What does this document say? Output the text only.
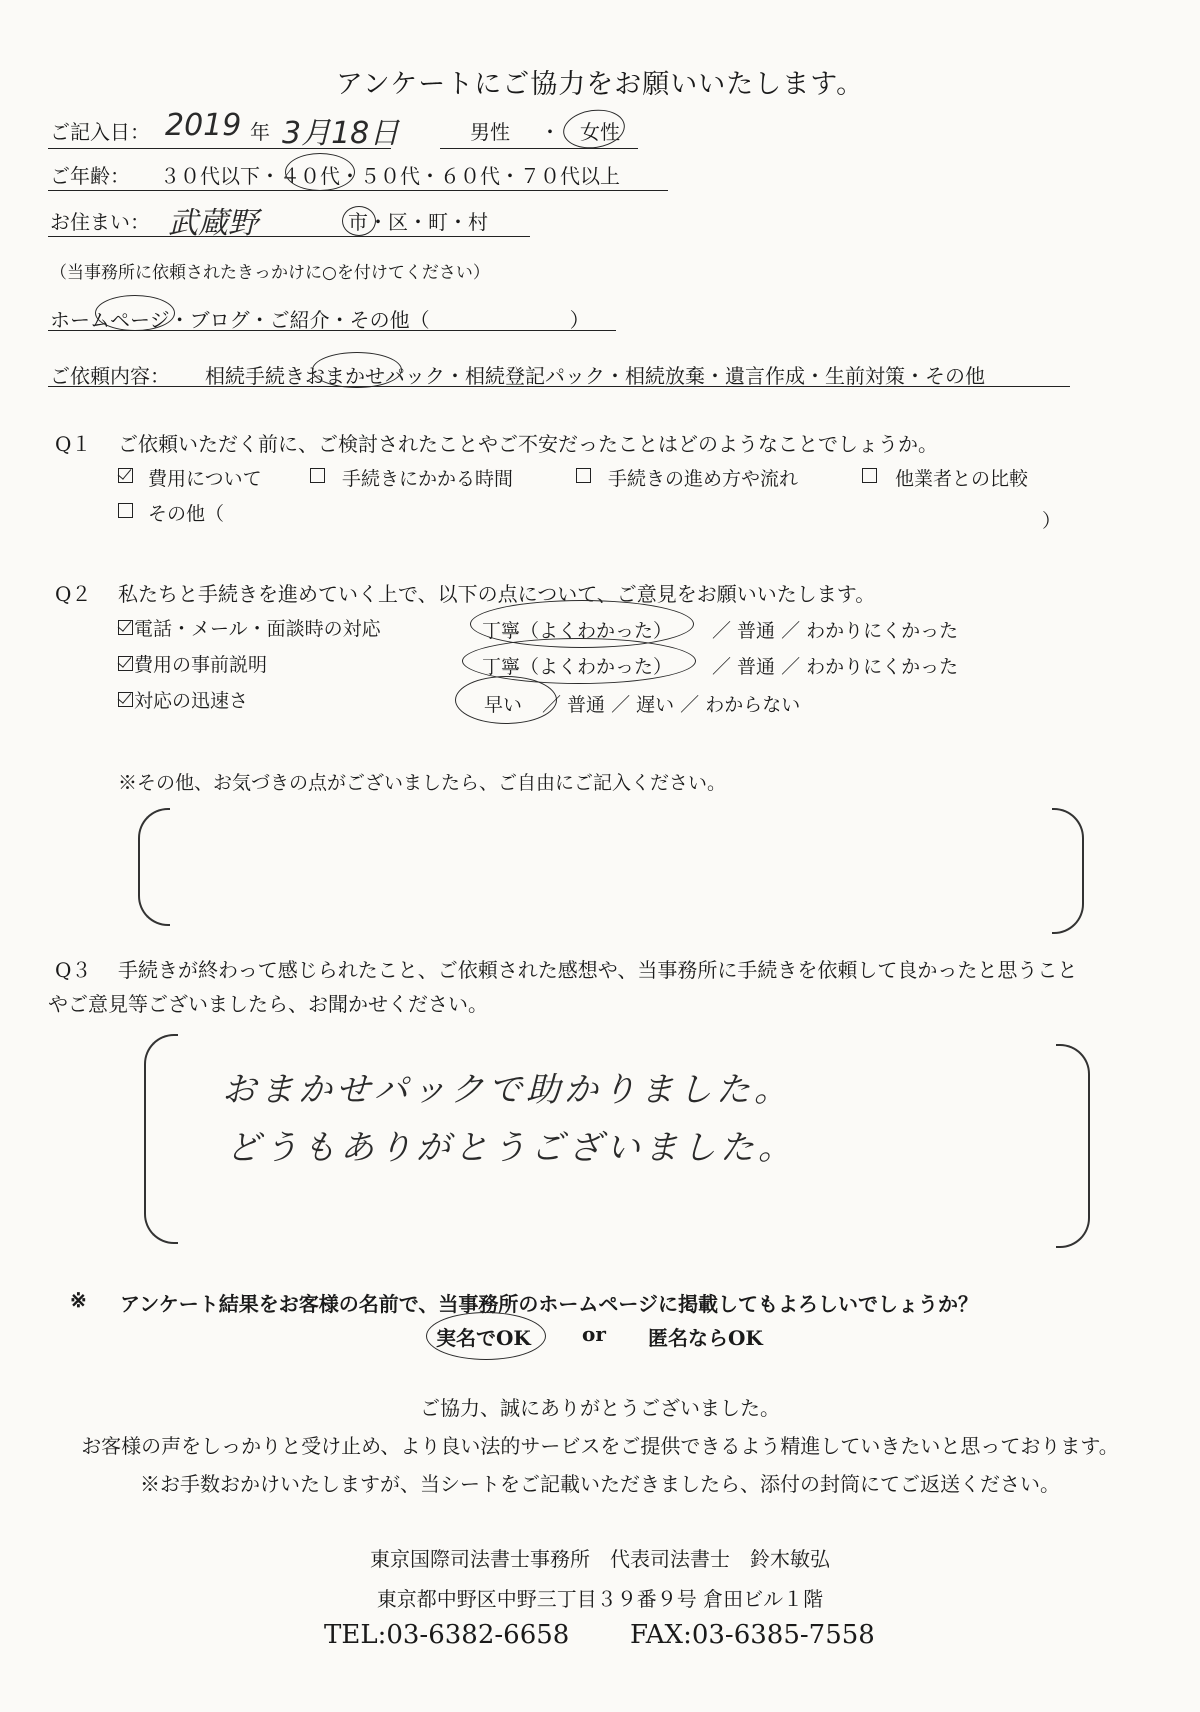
アンケートにご協力をお願いいたします。
ご記入日： 2019 年 3月18日	男性 ・ 女性
ご年齢： ３０代以下・４０代・５０代・６０代・７０代以上
お住まい： 武蔵野	市・区・町・村
（当事務所に依頼されたきっかけに○を付けてください）
ホームページ・ブログ・ご紹介・その他（　　　　　　　）
ご依頼内容： 相続手続きおまかせパック・相続登記パック・相続放棄・遺言作成・生前対策・その他
Q１ ご依頼いただく前に、ご検討されたことやご不安だったことはどのようなことでしょうか。
費用について	手続きにかかる時間	手続きの進め方や流れ	他業者との比較
その他（	）
Q２ 私たちと手続きを進めていく上で、以下の点について、ご意見をお願いいたします。
電話・メール・面談時の対応	丁寧（よくわかった） ／ 普通 ／ わかりにくかった
費用の事前説明	丁寧（よくわかった） ／ 普通 ／ わかりにくかった
対応の迅速さ	早い ／ 普通 ／ 遅い ／ わからない
※その他、お気づきの点がございましたら、ご自由にご記入ください。
Q３ 手続きが終わって感じられたこと、ご依頼された感想や、当事務所に手続きを依頼して良かったと思うこと
やご意見等ございましたら、お聞かせください。
おまかせパックで助かりました。
どうもありがとうございました。
※ アンケート結果をお客様の名前で、当事務所のホームページに掲載してもよろしいでしょうか？
実名でOK	or 匿名ならOK
ご協力、誠にありがとうございました。
お客様の声をしっかりと受け止め、より良い法的サービスをご提供できるよう精進していきたいと思っております。
※お手数おかけいたしますが、当シートをご記載いただきましたら、添付の封筒にてご返送ください。
東京国際司法書士事務所　代表司法書士　鈴木敏弘
東京都中野区中野三丁目３９番９号 倉田ビル１階
TEL:03-6382-6658 FAX:03-6385-7558
